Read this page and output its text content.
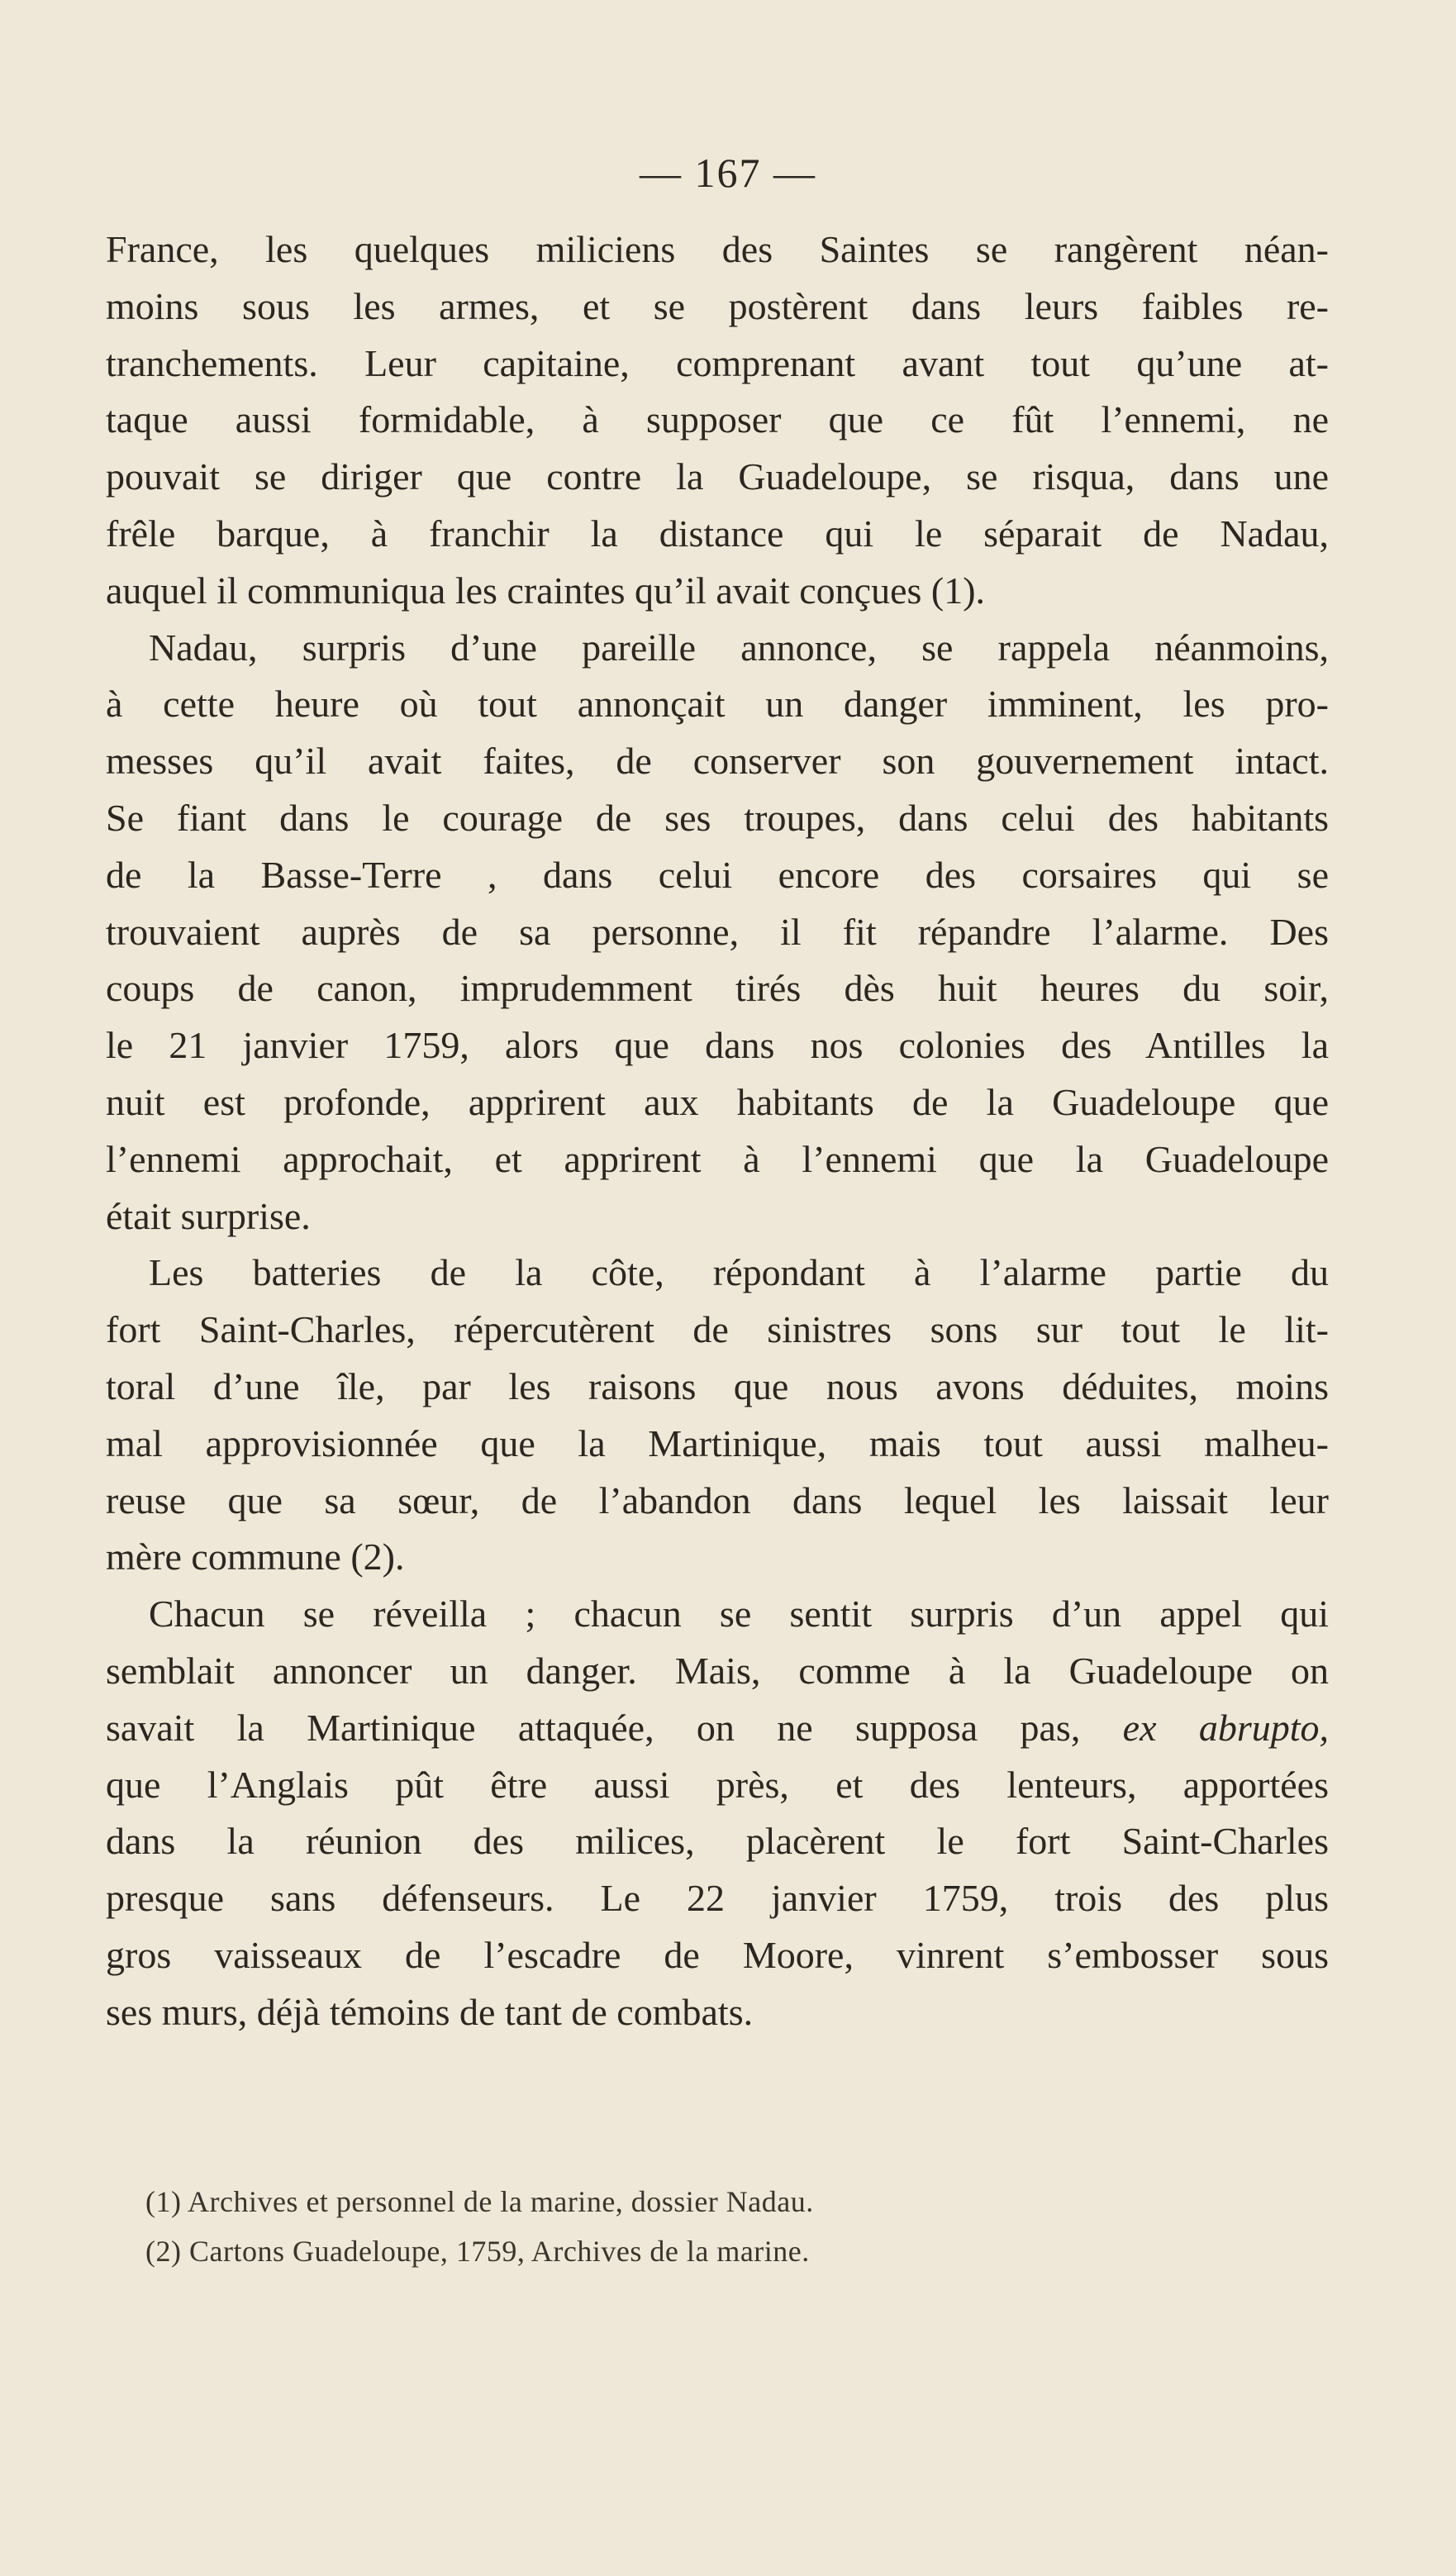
— 167 —
France, les quelques miliciens des Saintes se rangèrent néan-
moins sous les armes, et se postèrent dans leurs faibles re-
tranchements. Leur capitaine, comprenant avant tout qu’une at-
taque aussi formidable, à supposer que ce fût l’ennemi, ne
pouvait se diriger que contre la Guadeloupe, se risqua, dans une
frêle barque, à franchir la distance qui le séparait de Nadau,
auquel il communiqua les craintes qu’il avait conçues (1).
Nadau, surpris d’une pareille annonce, se rappela néanmoins,
à cette heure où tout annonçait un danger imminent, les pro-
messes qu’il avait faites, de conserver son gouvernement intact.
Se fiant dans le courage de ses troupes, dans celui des habitants
de la Basse-Terre , dans celui encore des corsaires qui se
trouvaient auprès de sa personne, il fit répandre l’alarme. Des
coups de canon, imprudemment tirés dès huit heures du soir,
le 21 janvier 1759, alors que dans nos colonies des Antilles la
nuit est profonde, apprirent aux habitants de la Guadeloupe que
l’ennemi approchait, et apprirent à l’ennemi que la Guadeloupe
était surprise.
Les batteries de la côte, répondant à l’alarme partie du
fort Saint-Charles, répercutèrent de sinistres sons sur tout le lit-
toral d’une île, par les raisons que nous avons déduites, moins
mal approvisionnée que la Martinique, mais tout aussi malheu-
reuse que sa sœur, de l’abandon dans lequel les laissait leur
mère commune (2).
Chacun se réveilla ; chacun se sentit surpris d’un appel qui
semblait annoncer un danger. Mais, comme à la Guadeloupe on
savait la Martinique attaquée, on ne supposa pas, ex abrupto,
que l’Anglais pût être aussi près, et des lenteurs, apportées
dans la réunion des milices, placèrent le fort Saint-Charles
presque sans défenseurs. Le 22 janvier 1759, trois des plus
gros vaisseaux de l’escadre de Moore, vinrent s’embosser sous
ses murs, déjà témoins de tant de combats.
(1) Archives et personnel de la marine, dossier Nadau.
(2) Cartons Guadeloupe, 1759, Archives de la marine.
